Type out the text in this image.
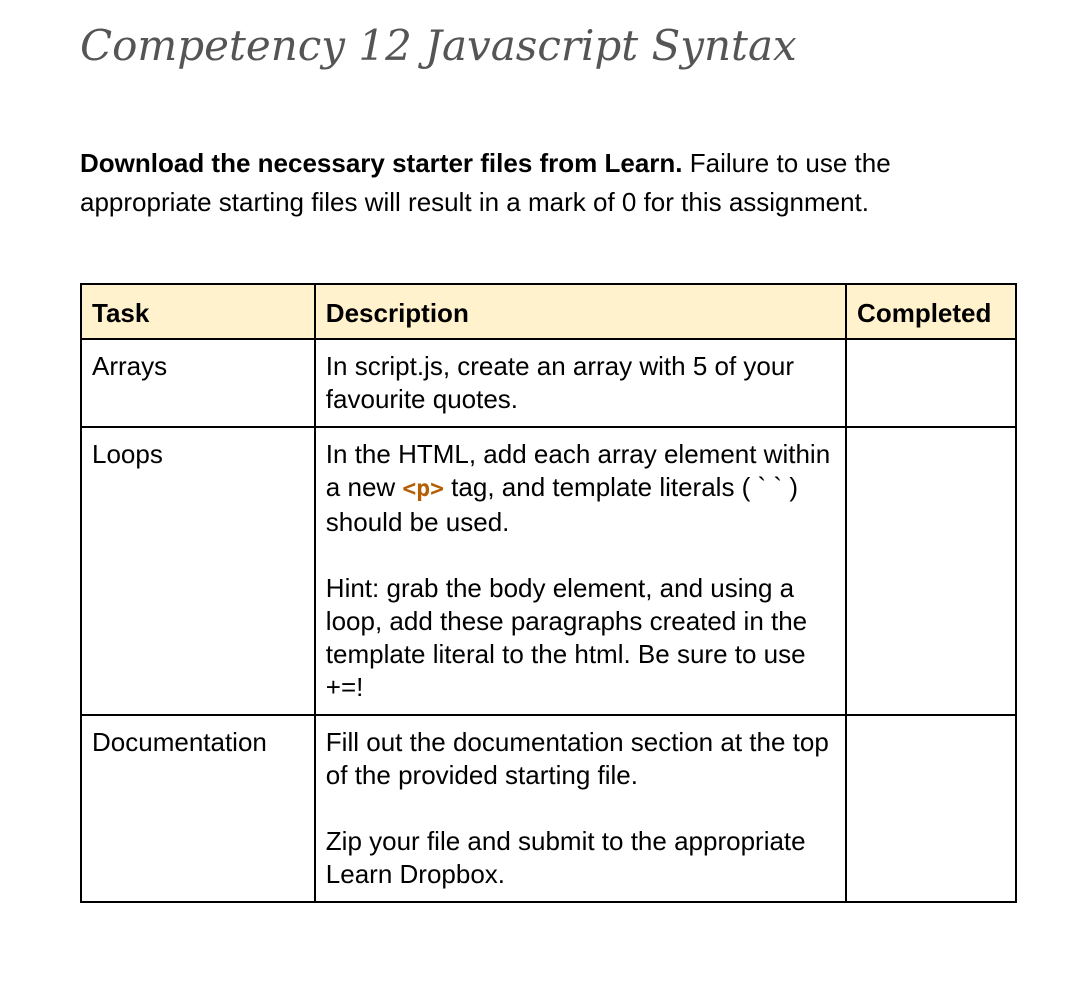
Competency 12 Javascript Syntax

Download the necessary starter files from Learn. Failure to use the appropriate starting files will result in a mark of 0 for this assignment.

Task	Description	Completed
Arrays	In script.js, create an array with 5 of your favourite quotes.	

Loops	In the HTML, add each array element within a new <p> tag, and template literals ( ` ` ) should be used.

Hint: grab the body element, and using a loop, add these paragraphs created in the template literal to the html. Be sure to use +=!	

Documentation	Fill out the documentation section at the top of the provided starting file.

Zip your file and submit to the appropriate Learn Dropbox.	
